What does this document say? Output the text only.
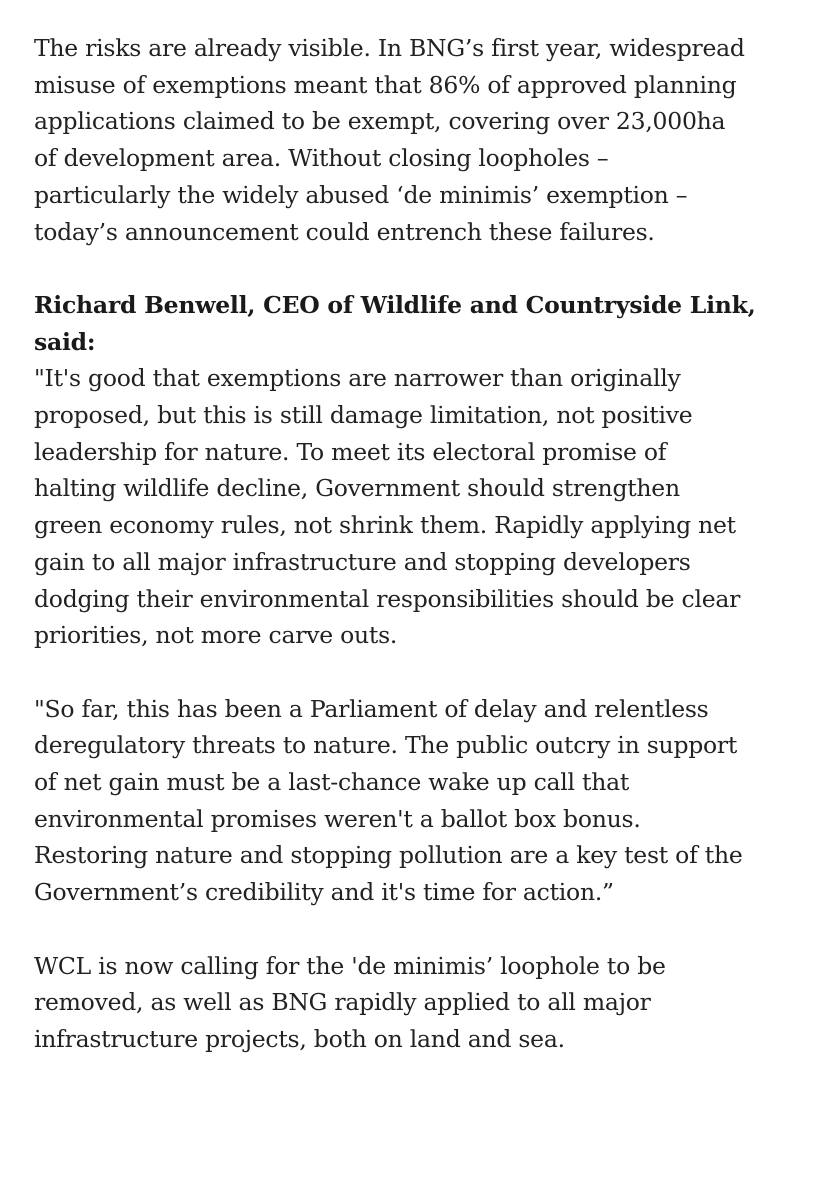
The risks are already visible. In BNG’s first year, widespread
misuse of exemptions meant that 86% of approved planning
applications claimed to be exempt, covering over 23,000ha
of development area. Without closing loopholes –
particularly the widely abused ‘de minimis’ exemption –
today’s announcement could entrench these failures.

Richard Benwell, CEO of Wildlife and Countryside Link,
said:

"It's good that exemptions are narrower than originally
proposed, but this is still damage limitation, not positive
leadership for nature. To meet its electoral promise of
halting wildlife decline, Government should strengthen
green economy rules, not shrink them. Rapidly applying net
gain to all major infrastructure and stopping developers
dodging their environmental responsibilities should be clear
priorities, not more carve outs.

"So far, this has been a Parliament of delay and relentless
deregulatory threats to nature. The public outcry in support
of net gain must be a last-chance wake up call that
environmental promises weren't a ballot box bonus.
Restoring nature and stopping pollution are a key test of the
Government’s credibility and it's time for action.”

WCL is now calling for the 'de minimis’ loophole to be
removed, as well as BNG rapidly applied to all major
infrastructure projects, both on land and sea.
